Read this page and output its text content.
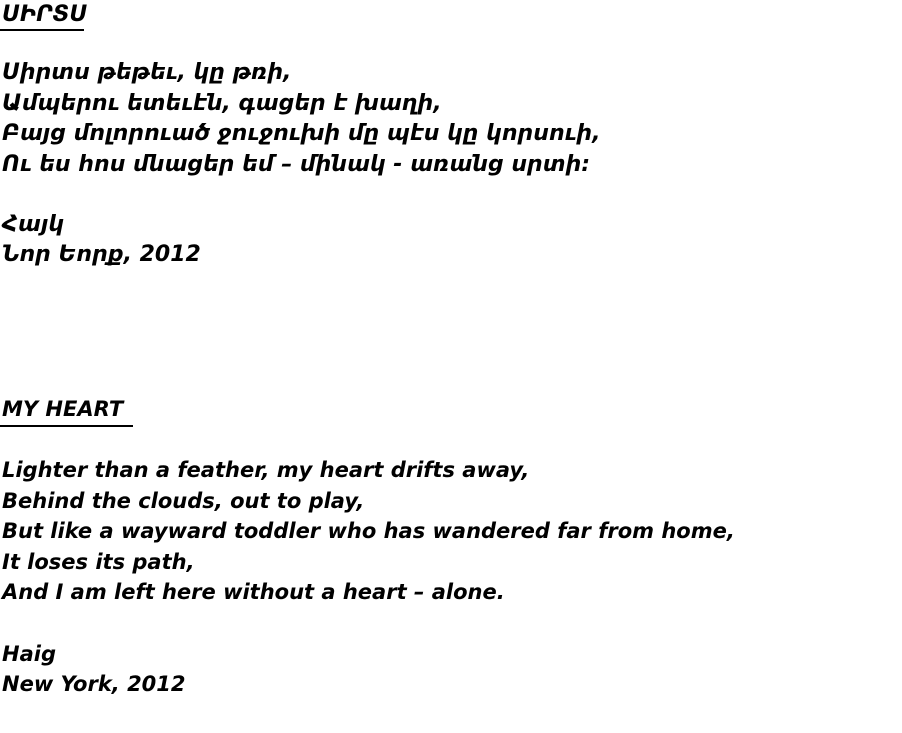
ՍԻՐՏՍ
Սիրտս թեթեւ, կը թռի,
Ամպերու ետեւէն, գացեր է խաղի,
Բայց մոլորուած ջուջուխի մը պէս կը կորսուի,
Ու ես հոս մնացեր եմ – մինակ - առանց սրտի։
Հայկ
Նոր Եորք, 2012
MY HEART
Lighter than a feather, my heart drifts away,
Behind the clouds, out to play,
But like a wayward toddler who has wandered far from home,
It loses its path,
And I am left here without a heart – alone.
Haig
New York, 2012
